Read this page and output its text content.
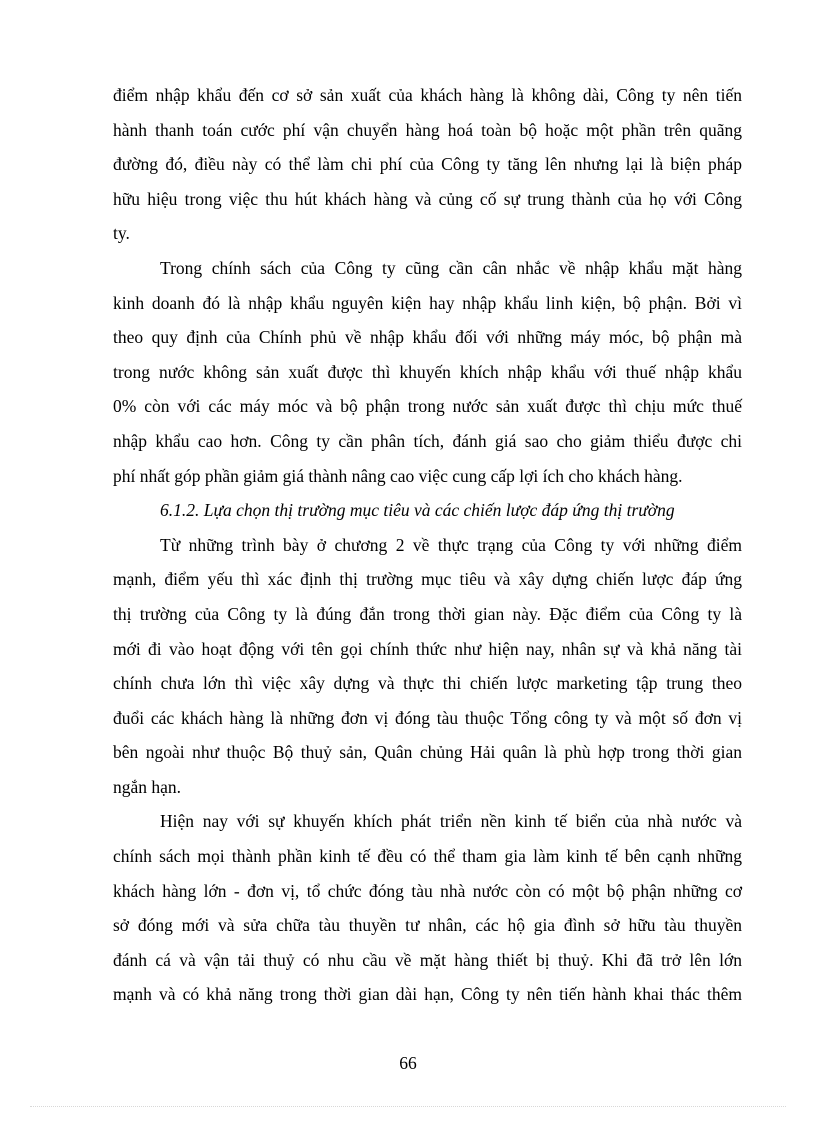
điểm nhập khẩu đến cơ sở sản xuất của khách hàng là không dài, Công ty nên tiến
hành thanh toán cước phí vận chuyển hàng hoá toàn bộ hoặc một phần trên quãng
đường đó, điều này có thể làm chi phí của Công ty tăng lên nhưng lại là biện pháp
hữu hiệu trong việc thu hút khách hàng và củng cố sự trung thành của họ với Công
ty.
Trong chính sách của Công ty cũng cần cân nhắc về nhập khẩu mặt hàng
kinh doanh đó là nhập khẩu nguyên kiện hay nhập khẩu linh kiện, bộ phận. Bởi vì
theo quy định của Chính phủ về nhập khẩu đối với những máy móc, bộ phận mà
trong nước không sản xuất được thì khuyến khích nhập khẩu với thuế nhập khẩu
0% còn với các máy móc và bộ phận trong nước sản xuất được thì chịu mức thuế
nhập khẩu cao hơn. Công ty cần phân tích, đánh giá sao cho giảm thiểu được chi
phí nhất góp phần giảm giá thành nâng cao việc cung cấp lợi ích cho khách hàng.
6.1.2. Lựa chọn thị trường mục tiêu và các chiến lược đáp ứng thị trường
Từ những trình bày ở chương 2 về thực trạng của Công ty với những điểm
mạnh, điểm yếu thì xác định thị trường mục tiêu và xây dựng chiến lược đáp ứng
thị trường của Công ty là đúng đắn trong thời gian này. Đặc điểm của Công ty là
mới đi vào hoạt động với tên gọi chính thức như hiện nay, nhân sự và khả năng tài
chính chưa lớn thì việc xây dựng và thực thi chiến lược marketing tập trung theo
đuổi các khách hàng là những đơn vị đóng tàu thuộc Tổng công ty và một số đơn vị
bên ngoài như thuộc Bộ thuỷ sản, Quân chủng Hải quân là phù hợp trong thời gian
ngắn hạn.
Hiện nay với sự khuyến khích phát triển nền kinh tế biển của nhà nước và
chính sách mọi thành phần kinh tế đều có thể tham gia làm kinh tế bên cạnh những
khách hàng lớn - đơn vị, tổ chức đóng tàu nhà nước còn có một bộ phận những cơ
sở đóng mới và sửa chữa tàu thuyền tư nhân, các hộ gia đình sở hữu tàu thuyền
đánh cá và vận tải thuỷ có nhu cầu về mặt hàng thiết bị thuỷ. Khi đã trở lên lớn
mạnh và có khả năng trong thời gian dài hạn, Công ty nên tiến hành khai thác thêm
66
